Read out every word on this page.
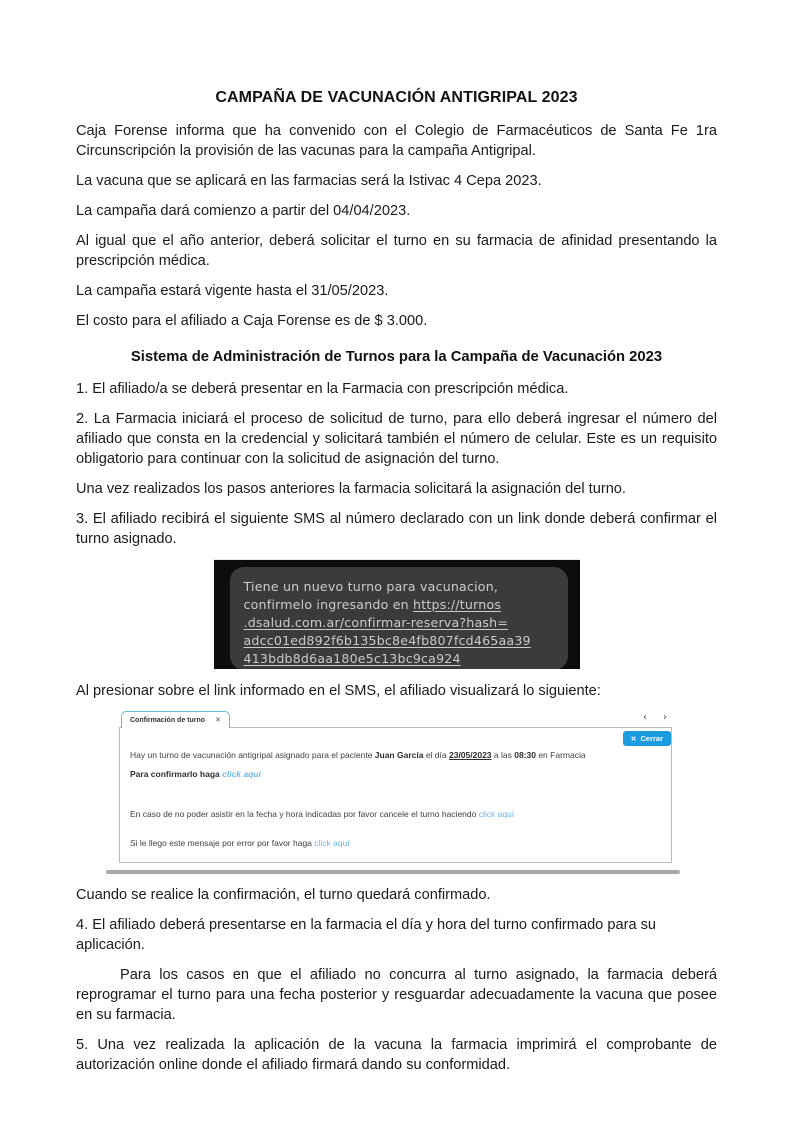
CAMPAÑA DE VACUNACIÓN ANTIGRIPAL 2023

Caja Forense informa que ha convenido con el Colegio de Farmacéuticos de Santa Fe 1ra Circunscripción la provisión de las vacunas para la campaña Antigripal.

La vacuna que se aplicará en las farmacias será la Istivac 4 Cepa 2023.

La campaña dará comienzo a partir del 04/04/2023.

Al igual que el año anterior, deberá solicitar el turno en su farmacia de afinidad presentando la prescripción médica.

La campaña estará vigente hasta el 31/05/2023.

El costo para el afiliado a Caja Forense es de $ 3.000.

Sistema de Administración de Turnos para la Campaña de Vacunación 2023

1. El afiliado/a se deberá presentar en la Farmacia con prescripción médica.

2. La Farmacia iniciará el proceso de solicitud de turno, para ello deberá ingresar el número del afiliado que consta en la credencial y solicitará también el número de celular. Este es un requisito obligatorio para continuar con la solicitud de asignación del turno.

Una vez realizados los pasos anteriores la farmacia solicitará la asignación del turno.

3. El afiliado recibirá el siguiente SMS al número declarado con un link donde deberá confirmar el turno asignado.

Tiene un nuevo turno para vacunacion,
confirmelo ingresando en https://turnos
.dsalud.com.ar/confirmar-reserva?hash=
adcc01ed892f6b135bc8e4fb807fcd465aa39
413bdb8d6aa180e5c13bc9ca924

Al presionar sobre el link informado en el SMS, el afiliado visualizará lo siguiente:

Confirmación de turno ✕	‹ ›
✕ Cerrar

Hay un turno de vacunación antigripal asignado para el paciente Juan García el día 23/05/2023 a las 08:30 en Farmacia

Para confirmarlo haga click aquí

En caso de no poder asistir en la fecha y hora indicadas por favor cancele el turno haciendo click aquí

Si le llego este mensaje por error por favor haga click aquí

Cuando se realice la confirmación, el turno quedará confirmado.

4. El afiliado deberá presentarse en la farmacia el día y hora del turno confirmado para su aplicación.

Para los casos en que el afiliado no concurra al turno asignado, la farmacia deberá reprogramar el turno para una fecha posterior y resguardar adecuadamente la vacuna que posee en su farmacia.

5. Una vez realizada la aplicación de la vacuna la farmacia imprimirá el comprobante de autorización online donde el afiliado firmará dando su conformidad.
